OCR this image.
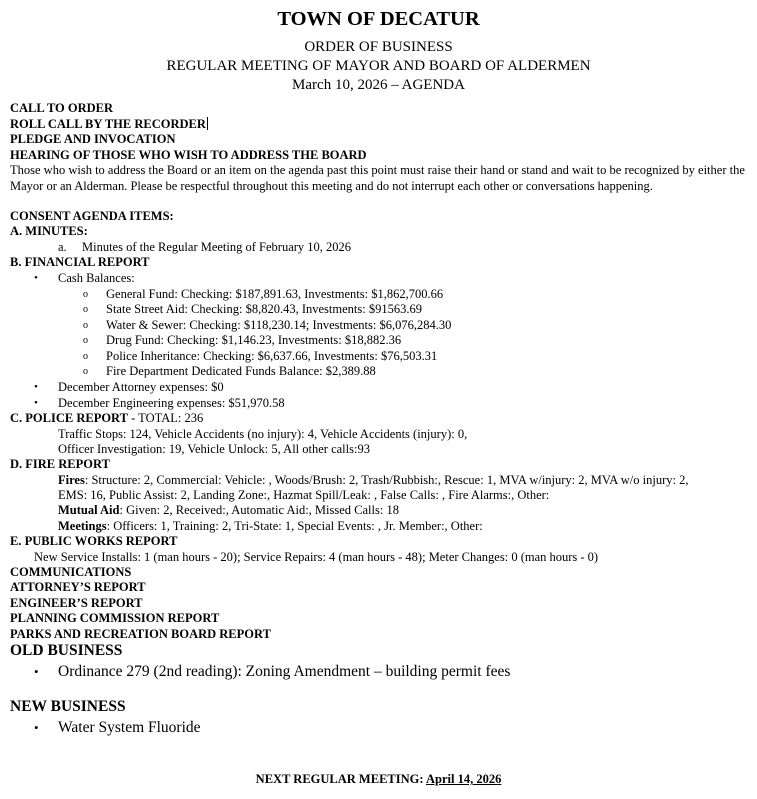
TOWN OF DECATUR
ORDER OF BUSINESS
REGULAR MEETING OF MAYOR AND BOARD OF ALDERMEN
March 10, 2026 – AGENDA
CALL TO ORDER
ROLL CALL BY THE RECORDER
PLEDGE AND INVOCATION
HEARING OF THOSE WHO WISH TO ADDRESS THE BOARD
Those who wish to address the Board or an item on the agenda past this point must raise their hand or stand and wait to be recognized by either the Mayor or an Alderman. Please be respectful throughout this meeting and do not interrupt each other or conversations happening.
CONSENT AGENDA ITEMS:
A. MINUTES:
a. Minutes of the Regular Meeting of February 10, 2026
B. FINANCIAL REPORT
• Cash Balances:
o General Fund: Checking: $187,891.63, Investments: $1,862,700.66
o State Street Aid: Checking: $8,820.43, Investments: $91563.69
o Water & Sewer: Checking: $118,230.14; Investments: $6,076,284.30
o Drug Fund: Checking: $1,146.23, Investments: $18,882.36
o Police Inheritance: Checking: $6,637.66, Investments: $76,503.31
o Fire Department Dedicated Funds Balance: $2,389.88
• December Attorney expenses: $0
• December Engineering expenses: $51,970.58
C. POLICE REPORT - TOTAL: 236
Traffic Stops: 124, Vehicle Accidents (no injury): 4, Vehicle Accidents (injury): 0,
Officer Investigation: 19, Vehicle Unlock: 5, All other calls:93
D. FIRE REPORT
Fires: Structure: 2, Commercial: Vehicle: , Woods/Brush: 2, Trash/Rubbish:, Rescue: 1, MVA w/injury: 2, MVA w/o injury: 2,
EMS: 16, Public Assist: 2, Landing Zone:, Hazmat Spill/Leak: , False Calls: , Fire Alarms:, Other:
Mutual Aid: Given: 2, Received:, Automatic Aid:, Missed Calls: 18
Meetings: Officers: 1, Training: 2, Tri-State: 1, Special Events: , Jr. Member:, Other:
E. PUBLIC WORKS REPORT
New Service Installs: 1 (man hours - 20); Service Repairs: 4 (man hours - 48); Meter Changes: 0 (man hours - 0)
COMMUNICATIONS
ATTORNEY’S REPORT
ENGINEER’S REPORT
PLANNING COMMISSION REPORT
PARKS AND RECREATION BOARD REPORT
OLD BUSINESS
• Ordinance 279 (2nd reading): Zoning Amendment – building permit fees
NEW BUSINESS
• Water System Fluoride
NEXT REGULAR MEETING: April 14, 2026
